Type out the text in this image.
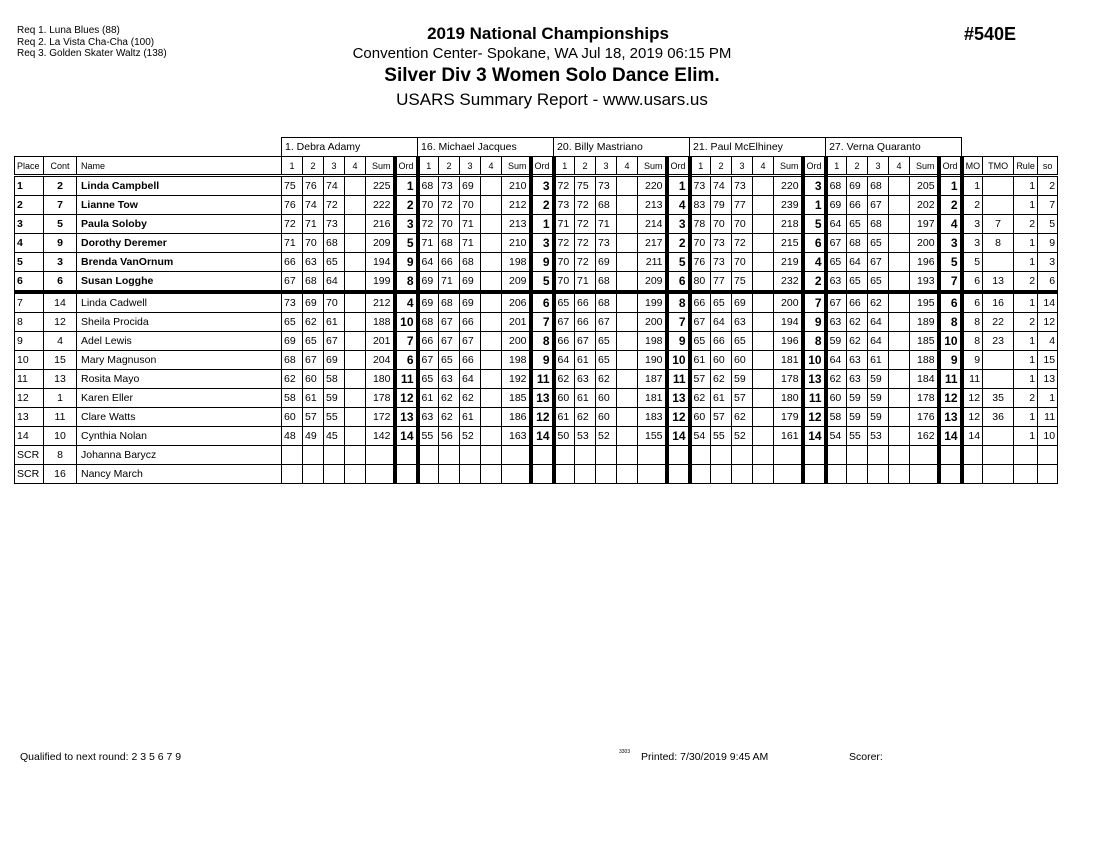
Req 1. Luna Blues (88)
Req 2. La Vista Cha-Cha (100)
Req 3. Golden Skater Waltz (138)
2019 National Championships
Convention Center- Spokane, WA Jul 18, 2019 06:15 PM
Silver Div 3 Women Solo Dance Elim.
USARS Summary Report - www.usars.us
#540E
			1. Debra Adamy						16. Michael Jacques						20. Billy Mastriano						21. Paul McElhiney						27. Verna Quaranto									
Place	Cont	Name	1	2	3	4	Sum	Ord	1	2	3	4	Sum	Ord	1	2	3	4	Sum	Ord	1	2	3	4	Sum	Ord	1	2	3	4	Sum	Ord	MO	TMO	Rule	so
1	2	Linda Campbell	75	76	74		225	1	68	73	69		210	3	72	75	73		220	1	73	74	73		220	3	68	69	68		205	1	1		1	2
2	7	Lianne Tow	76	74	72		222	2	70	72	70		212	2	73	72	68		213	4	83	79	77		239	1	69	66	67		202	2	2		1	7
3	5	Paula Soloby	72	71	73		216	3	72	70	71		213	1	71	72	71		214	3	78	70	70		218	5	64	65	68		197	4	3	7	2	5
4	9	Dorothy Deremer	71	70	68		209	5	71	68	71		210	3	72	72	73		217	2	70	73	72		215	6	67	68	65		200	3	3	8	1	9
5	3	Brenda VanOrnum	66	63	65		194	9	64	66	68		198	9	70	72	69		211	5	76	73	70		219	4	65	64	67		196	5	5		1	3
6	6	Susan Logghe	67	68	64		199	8	69	71	69		209	5	70	71	68		209	6	80	77	75		232	2	63	65	65		193	7	6	13	2	6
7	14	Linda Cadwell	73	69	70		212	4	69	68	69		206	6	65	66	68		199	8	66	65	69		200	7	67	66	62		195	6	6	16	1	14
8	12	Sheila Procida	65	62	61		188	10	68	67	66		201	7	67	66	67		200	7	67	64	63		194	9	63	62	64		189	8	8	22	2	12
9	4	Adel Lewis	69	65	67		201	7	66	67	67		200	8	66	67	65		198	9	65	66	65		196	8	59	62	64		185	10	8	23	1	4
10	15	Mary Magnuson	68	67	69		204	6	67	65	66		198	9	64	61	65		190	10	61	60	60		181	10	64	63	61		188	9	9		1	15
11	13	Rosita Mayo	62	60	58		180	11	65	63	64		192	11	62	63	62		187	11	57	62	59		178	13	62	63	59		184	11	11		1	13
12	1	Karen Eller	58	61	59		178	12	61	62	62		185	13	60	61	60		181	13	62	61	57		180	11	60	59	59		178	12	12	35	2	1
13	11	Clare Watts	60	57	55		172	13	63	62	61		186	12	61	62	60		183	12	60	57	62		179	12	58	59	59		176	13	12	36	1	11
14	10	Cynthia Nolan	48	49	45		142	14	55	56	52		163	14	50	53	52		155	14	54	55	52		161	14	54	55	53		162	14	14		1	10
SCR	8	Johanna Barycz																																		
SCR	16	Nancy March																																		
Qualified to next round: 2 3 5 6 7 9	3303 Printed: 7/30/2019 9:45 AM	Scorer:
